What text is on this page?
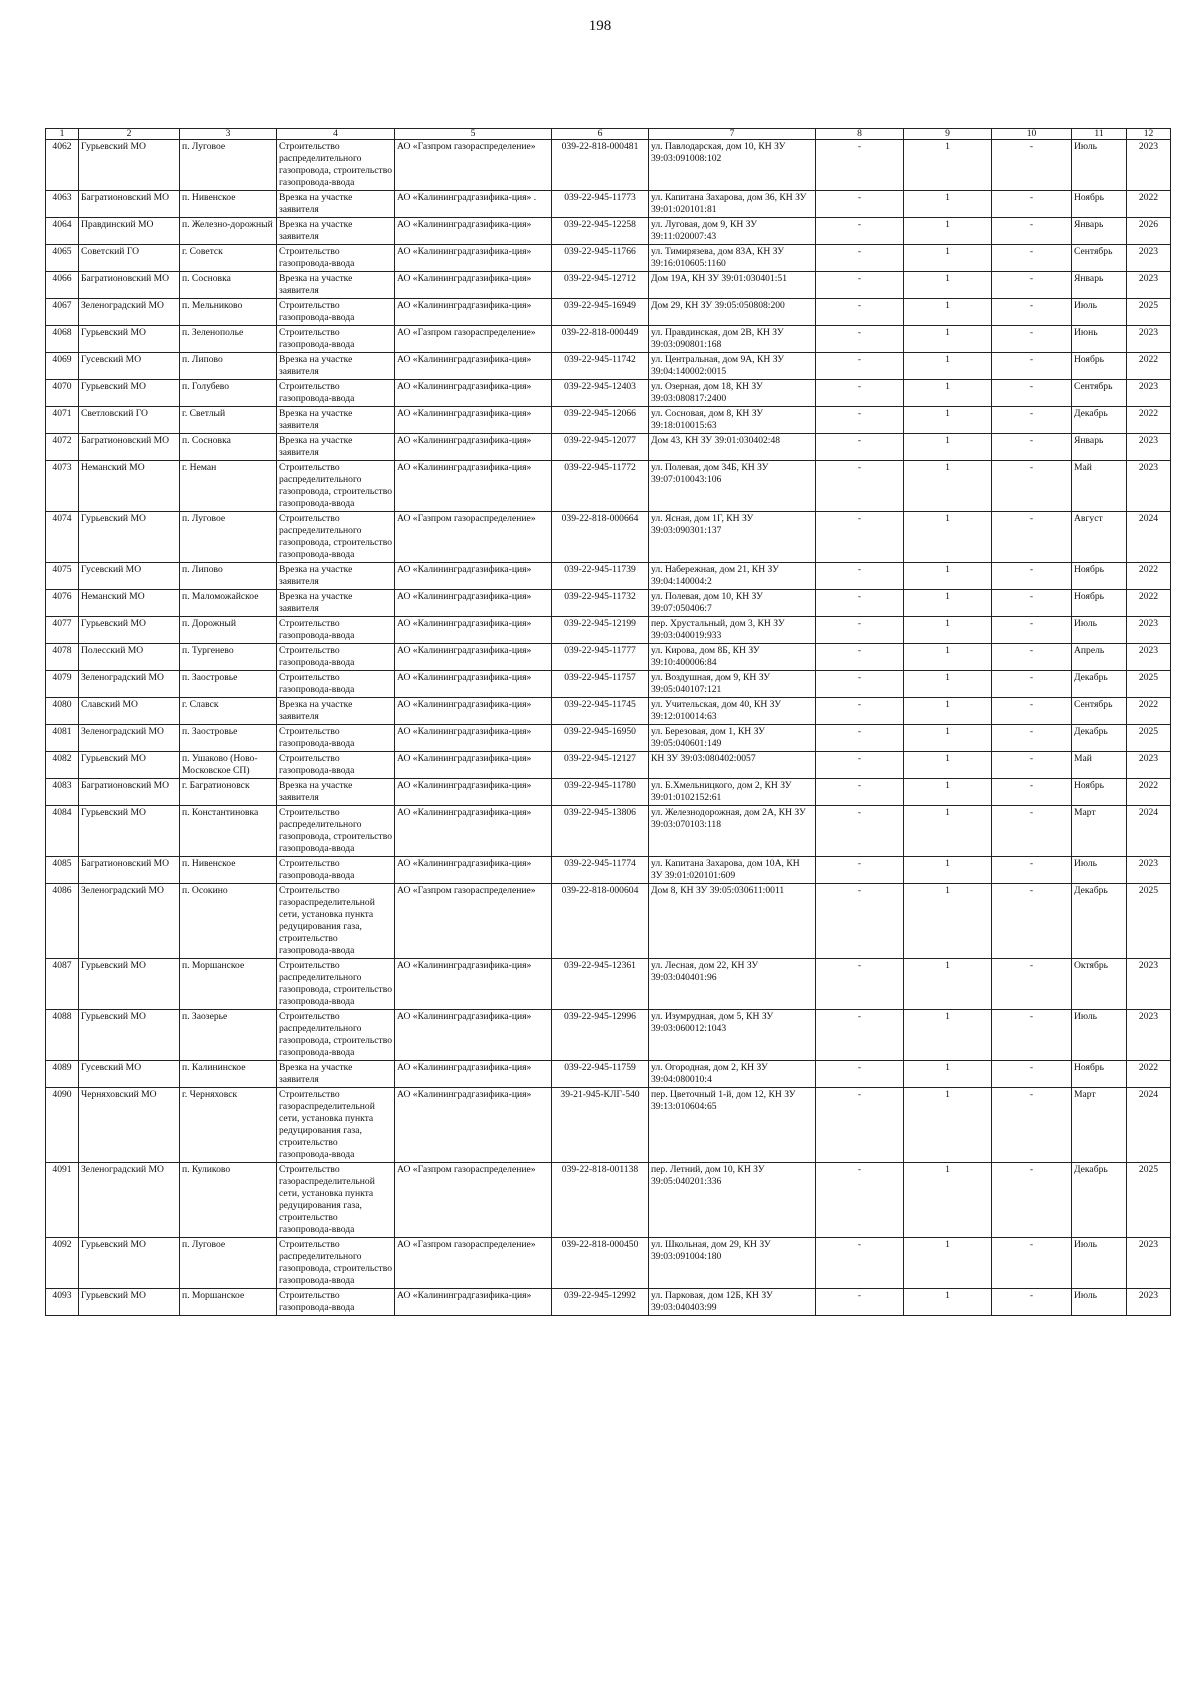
198
1	2	3	4	5	6	7	8	9	10	11	12
4062	Гурьевский МО	п. Луговое	Строительство распределительного газопровода, строительство газопровода-ввода	АО «Газпром газораспределение»	039-22-818-000481	ул. Павлодарская, дом 10, КН ЗУ 39:03:091008:102	-	1	-	Июль	2023
4063	Багратионовский МО	п. Нивенское	Врезка на участке заявителя	АО «Калининградгазифика-ция» .	039-22-945-11773	ул. Капитана Захарова, дом 36, КН ЗУ 39:01:020101:81	-	1	-	Ноябрь	2022
4064	Правдинский МО	п. Железно-дорожный	Врезка на участке заявителя	АО «Калининградгазифика-ция»	039-22-945-12258	ул. Луговая, дом 9, КН ЗУ 39:11:020007:43	-	1	-	Январь	2026
4065	Советский ГО	г. Советск	Строительство газопровода-ввода	АО «Калининградгазифика-ция»	039-22-945-11766	ул. Тимирязева, дом 83А, КН ЗУ 39:16:010605:1160	-	1	-	Сентябрь	2023
4066	Багратионовский МО	п. Сосновка	Врезка на участке заявителя	АО «Калининградгазифика-ция»	039-22-945-12712	Дом 19А, КН ЗУ 39:01:030401:51	-	1	-	Январь	2023
4067	Зеленоградский МО	п. Мельниково	Строительство газопровода-ввода	АО «Калининградгазифика-ция»	039-22-945-16949	Дом 29, КН ЗУ 39:05:050808:200	-	1	-	Июль	2025
4068	Гурьевский МО	п. Зеленополье	Строительство газопровода-ввода	АО «Газпром газораспределение»	039-22-818-000449	ул. Правдинская, дом 2В, КН ЗУ 39:03:090801:168	-	1	-	Июнь	2023
4069	Гусевский МО	п. Липово	Врезка на участке заявителя	АО «Калининградгазифика-ция»	039-22-945-11742	ул. Центральная, дом 9А, КН ЗУ 39:04:140002:0015	-	1	-	Ноябрь	2022
4070	Гурьевский МО	п. Голубево	Строительство газопровода-ввода	АО «Калининградгазифика-ция»	039-22-945-12403	ул. Озерная, дом 18, КН ЗУ 39:03:080817:2400	-	1	-	Сентябрь	2023
4071	Светловский ГО	г. Светлый	Врезка на участке заявителя	АО «Калининградгазифика-ция»	039-22-945-12066	ул. Сосновая, дом 8, КН ЗУ 39:18:010015:63	-	1	-	Декабрь	2022
4072	Багратионовский МО	п. Сосновка	Врезка на участке заявителя	АО «Калининградгазифика-ция»	039-22-945-12077	Дом 43, КН ЗУ 39:01:030402:48	-	1	-	Январь	2023
4073	Неманский МО	г. Неман	Строительство распределительного газопровода, строительство газопровода-ввода	АО «Калининградгазифика-ция»	039-22-945-11772	ул. Полевая, дом 34Б, КН ЗУ 39:07:010043:106	-	1	-	Май	2023
4074	Гурьевский МО	п. Луговое	Строительство распределительного газопровода, строительство газопровода-ввода	АО «Газпром газораспределение»	039-22-818-000664	ул. Ясная, дом 1Г, КН ЗУ 39:03:090301:137	-	1	-	Август	2024
4075	Гусевский МО	п. Липово	Врезка на участке заявителя	АО «Калининградгазифика-ция»	039-22-945-11739	ул. Набережная, дом 21, КН ЗУ 39:04:140004:2	-	1	-	Ноябрь	2022
4076	Неманский МО	п. Маломожайское	Врезка на участке заявителя	АО «Калининградгазифика-ция»	039-22-945-11732	ул. Полевая, дом 10, КН ЗУ 39:07:050406:7	-	1	-	Ноябрь	2022
4077	Гурьевский МО	п. Дорожный	Строительство газопровода-ввода	АО «Калининградгазифика-ция»	039-22-945-12199	пер. Хрустальный, дом 3, КН ЗУ 39:03:040019:933	-	1	-	Июль	2023
4078	Полесский МО	п. Тургенево	Строительство газопровода-ввода	АО «Калининградгазифика-ция»	039-22-945-11777	ул. Кирова, дом 8Б, КН ЗУ 39:10:400006:84	-	1	-	Апрель	2023
4079	Зеленоградский МО	п. Заостровье	Строительство газопровода-ввода	АО «Калининградгазифика-ция»	039-22-945-11757	ул. Воздушная, дом 9, КН ЗУ 39:05:040107:121	-	1	-	Декабрь	2025
4080	Славский МО	г. Славск	Врезка на участке заявителя	АО «Калининградгазифика-ция»	039-22-945-11745	ул. Учительская, дом 40, КН ЗУ 39:12:010014:63	-	1	-	Сентябрь	2022
4081	Зеленоградский МО	п. Заостровье	Строительство газопровода-ввода	АО «Калининградгазифика-ция»	039-22-945-16950	ул. Березовая, дом 1, КН ЗУ 39:05:040601:149	-	1	-	Декабрь	2025
4082	Гурьевский МО	п. Ушаково (Ново-Московское СП)	Строительство газопровода-ввода	АО «Калининградгазифика-ция»	039-22-945-12127	КН ЗУ 39:03:080402:0057	-	1	-	Май	2023
4083	Багратионовский МО	г. Багратионовск	Врезка на участке заявителя	АО «Калининградгазифика-ция»	039-22-945-11780	ул. Б.Хмельницкого, дом 2, КН ЗУ 39:01:0102152:61	-	1	-	Ноябрь	2022
4084	Гурьевский МО	п. Константиновка	Строительство распределительного газопровода, строительство газопровода-ввода	АО «Калининградгазифика-ция»	039-22-945-13806	ул. Железнодорожная, дом 2А, КН ЗУ 39:03:070103:118	-	1	-	Март	2024
4085	Багратионовский МО	п. Нивенское	Строительство газопровода-ввода	АО «Калининградгазифика-ция»	039-22-945-11774	ул. Капитана Захарова, дом 10А, КН ЗУ 39:01:020101:609	-	1	-	Июль	2023
4086	Зеленоградский МО	п. Осокино	Строительство газораспределительной сети, установка пункта редуцирования газа, строительство газопровода-ввода	АО «Газпром газораспределение»	039-22-818-000604	Дом 8, КН ЗУ 39:05:030611:0011	-	1	-	Декабрь	2025
4087	Гурьевский МО	п. Моршанское	Строительство распределительного газопровода, строительство газопровода-ввода	АО «Калининградгазифика-ция»	039-22-945-12361	ул. Лесная, дом 22, КН ЗУ 39:03:040401:96	-	1	-	Октябрь	2023
4088	Гурьевский МО	п. Заозерье	Строительство распределительного газопровода, строительство газопровода-ввода	АО «Калининградгазифика-ция»	039-22-945-12996	ул. Изумрудная, дом 5, КН ЗУ 39:03:060012:1043	-	1	-	Июль	2023
4089	Гусевский МО	п. Калининское	Врезка на участке заявителя	АО «Калининградгазифика-ция»	039-22-945-11759	ул. Огородная, дом 2, КН ЗУ 39:04:080010:4	-	1	-	Ноябрь	2022
4090	Черняховский МО	г. Черняховск	Строительство газораспределительной сети, установка пункта редуцирования газа, строительство газопровода-ввода	АО «Калининградгазифика-ция»	39-21-945-КЛГ-540	пер. Цветочный 1-й, дом 12, КН ЗУ 39:13:010604:65	-	1	-	Март	2024
4091	Зеленоградский МО	п. Куликово	Строительство газораспределительной сети, установка пункта редуцирования газа, строительство газопровода-ввода	АО «Газпром газораспределение»	039-22-818-001138	пер. Летний, дом 10, КН ЗУ 39:05:040201:336	-	1	-	Декабрь	2025
4092	Гурьевский МО	п. Луговое	Строительство распределительного газопровода, строительство газопровода-ввода	АО «Газпром газораспределение»	039-22-818-000450	ул. Школьная, дом 29, КН ЗУ 39:03:091004:180	-	1	-	Июль	2023
4093	Гурьевский МО	п. Моршанское	Строительство газопровода-ввода	АО «Калининградгазифика-ция»	039-22-945-12992	ул. Парковая, дом 12Б, КН ЗУ 39:03:040403:99	-	1	-	Июль	2023
